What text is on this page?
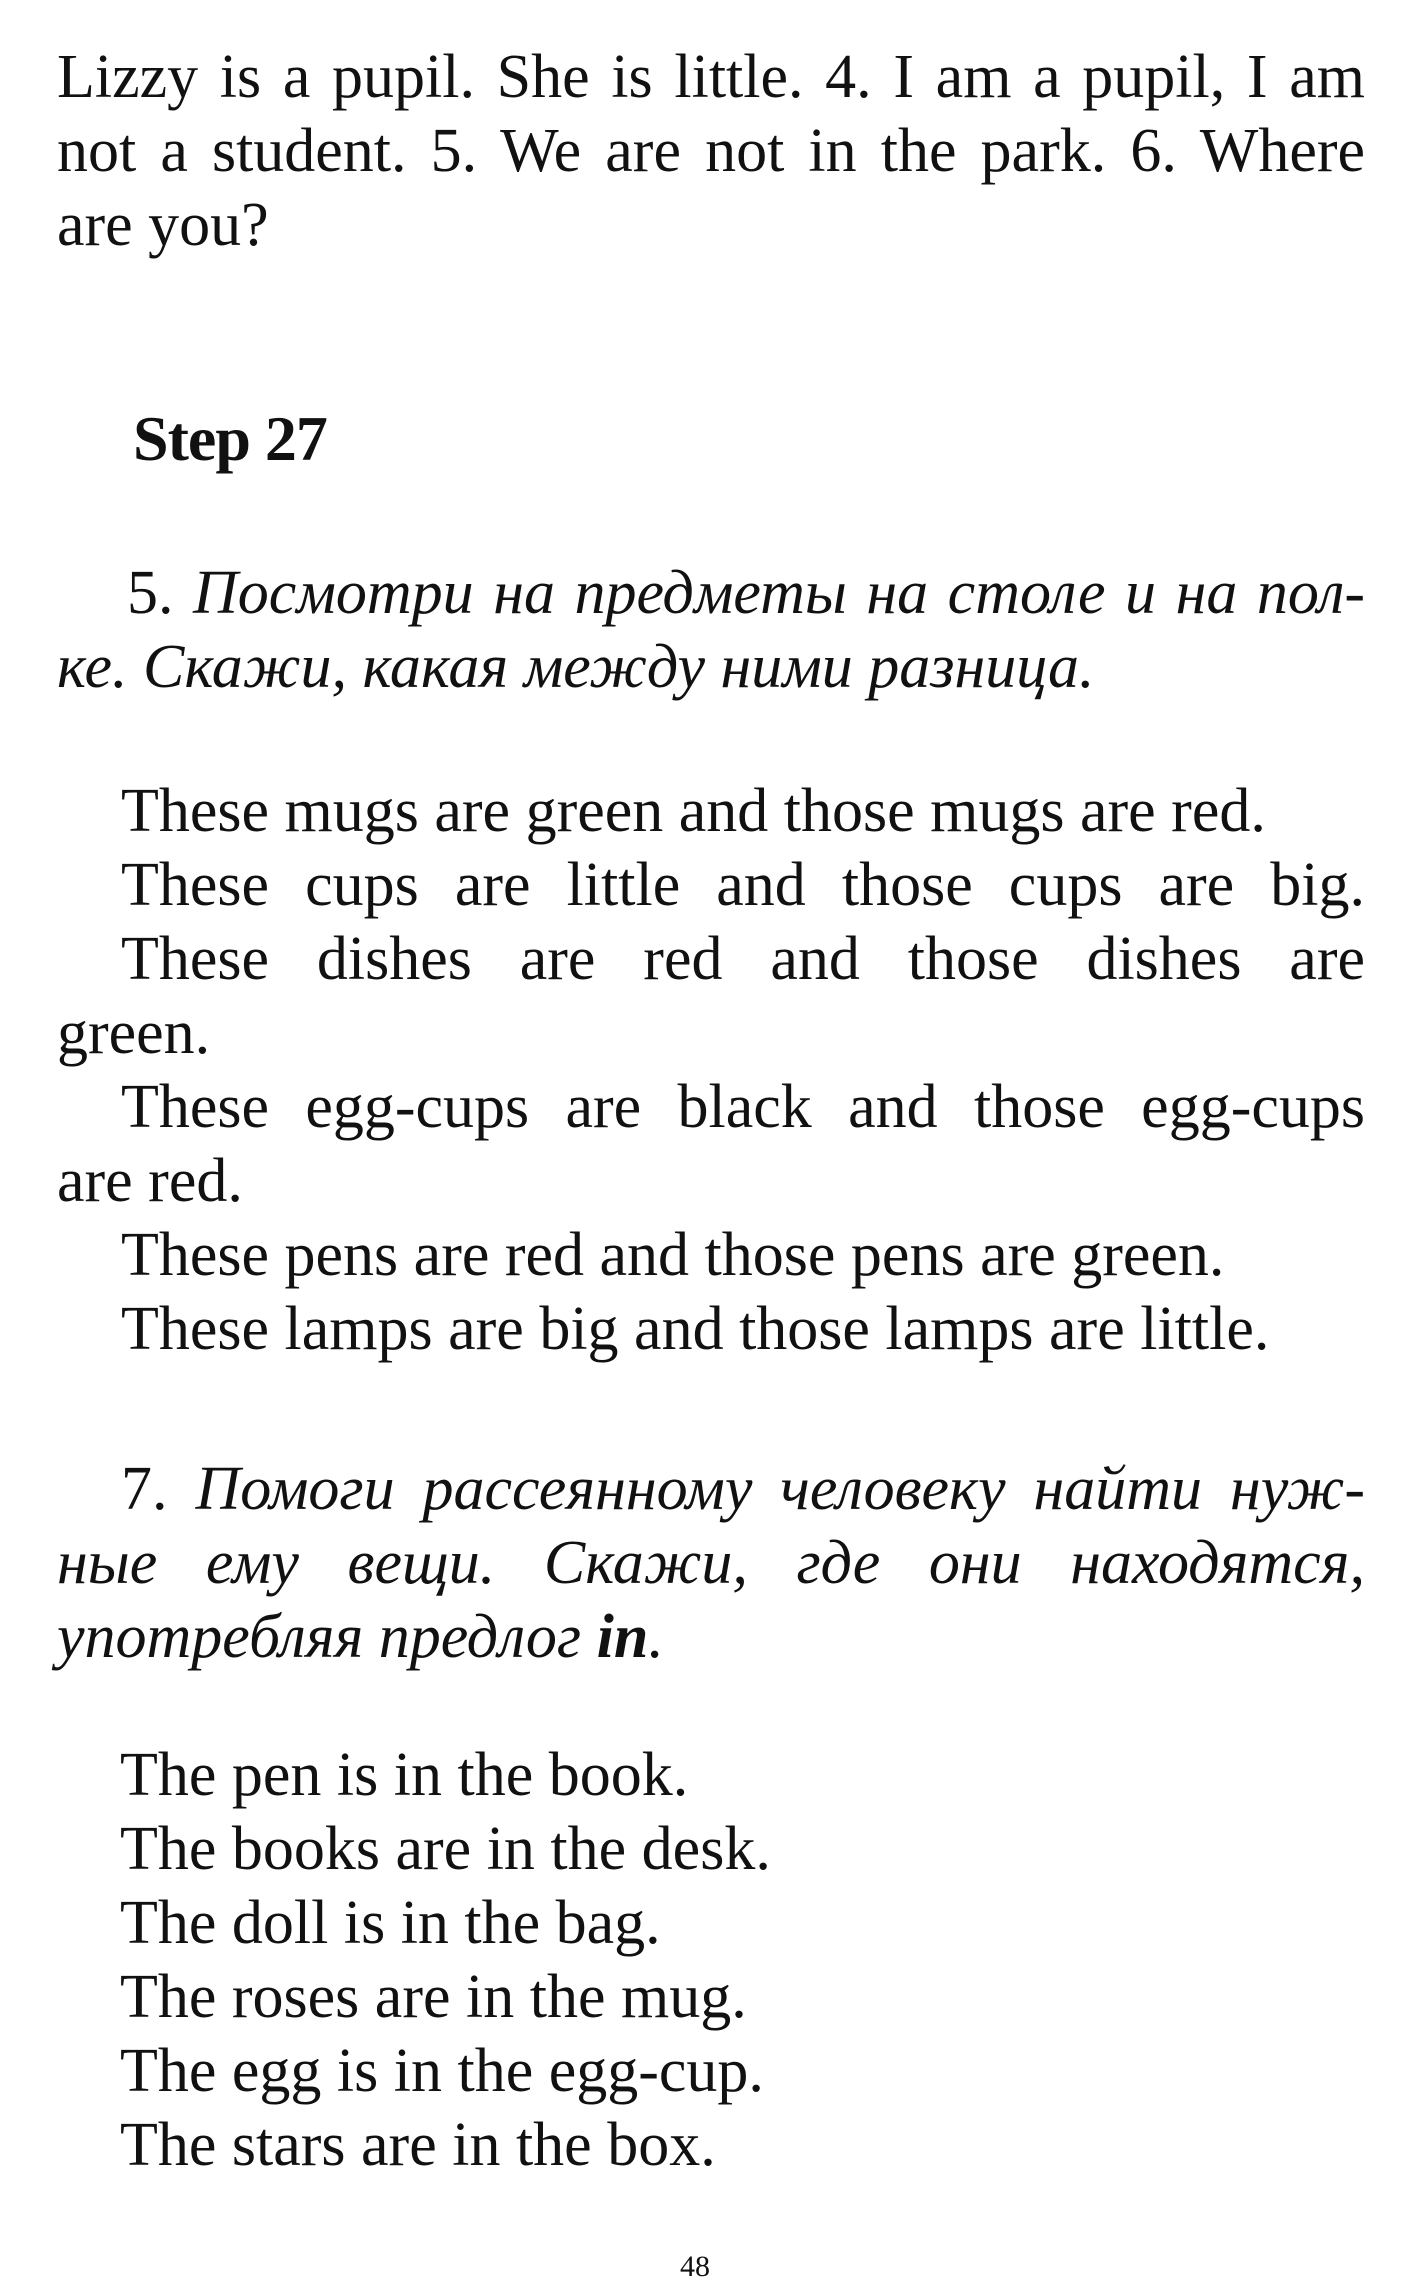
Lizzy is a pupil. She is little. 4. I am a pupil, I am
not a student. 5. We are not in the park. 6. Where
are you?
Step 27
5. Посмотри на предметы на столе и на пол-
ке. Скажи, какая между ними разница.
These mugs are green and those mugs are red.
These cups are little and those cups are big.
These dishes are red and those dishes are
green.
These egg-cups are black and those egg-cups
are red.
These pens are red and those pens are green.
These lamps are big and those lamps are little.
7. Помоги рассеянному человеку найти нуж-
ные ему вещи. Скажи, где они находятся,
употребляя предлог in.
The pen is in the book.
The books are in the desk.
The doll is in the bag.
The roses are in the mug.
The egg is in the egg-cup.
The stars are in the box.
48
